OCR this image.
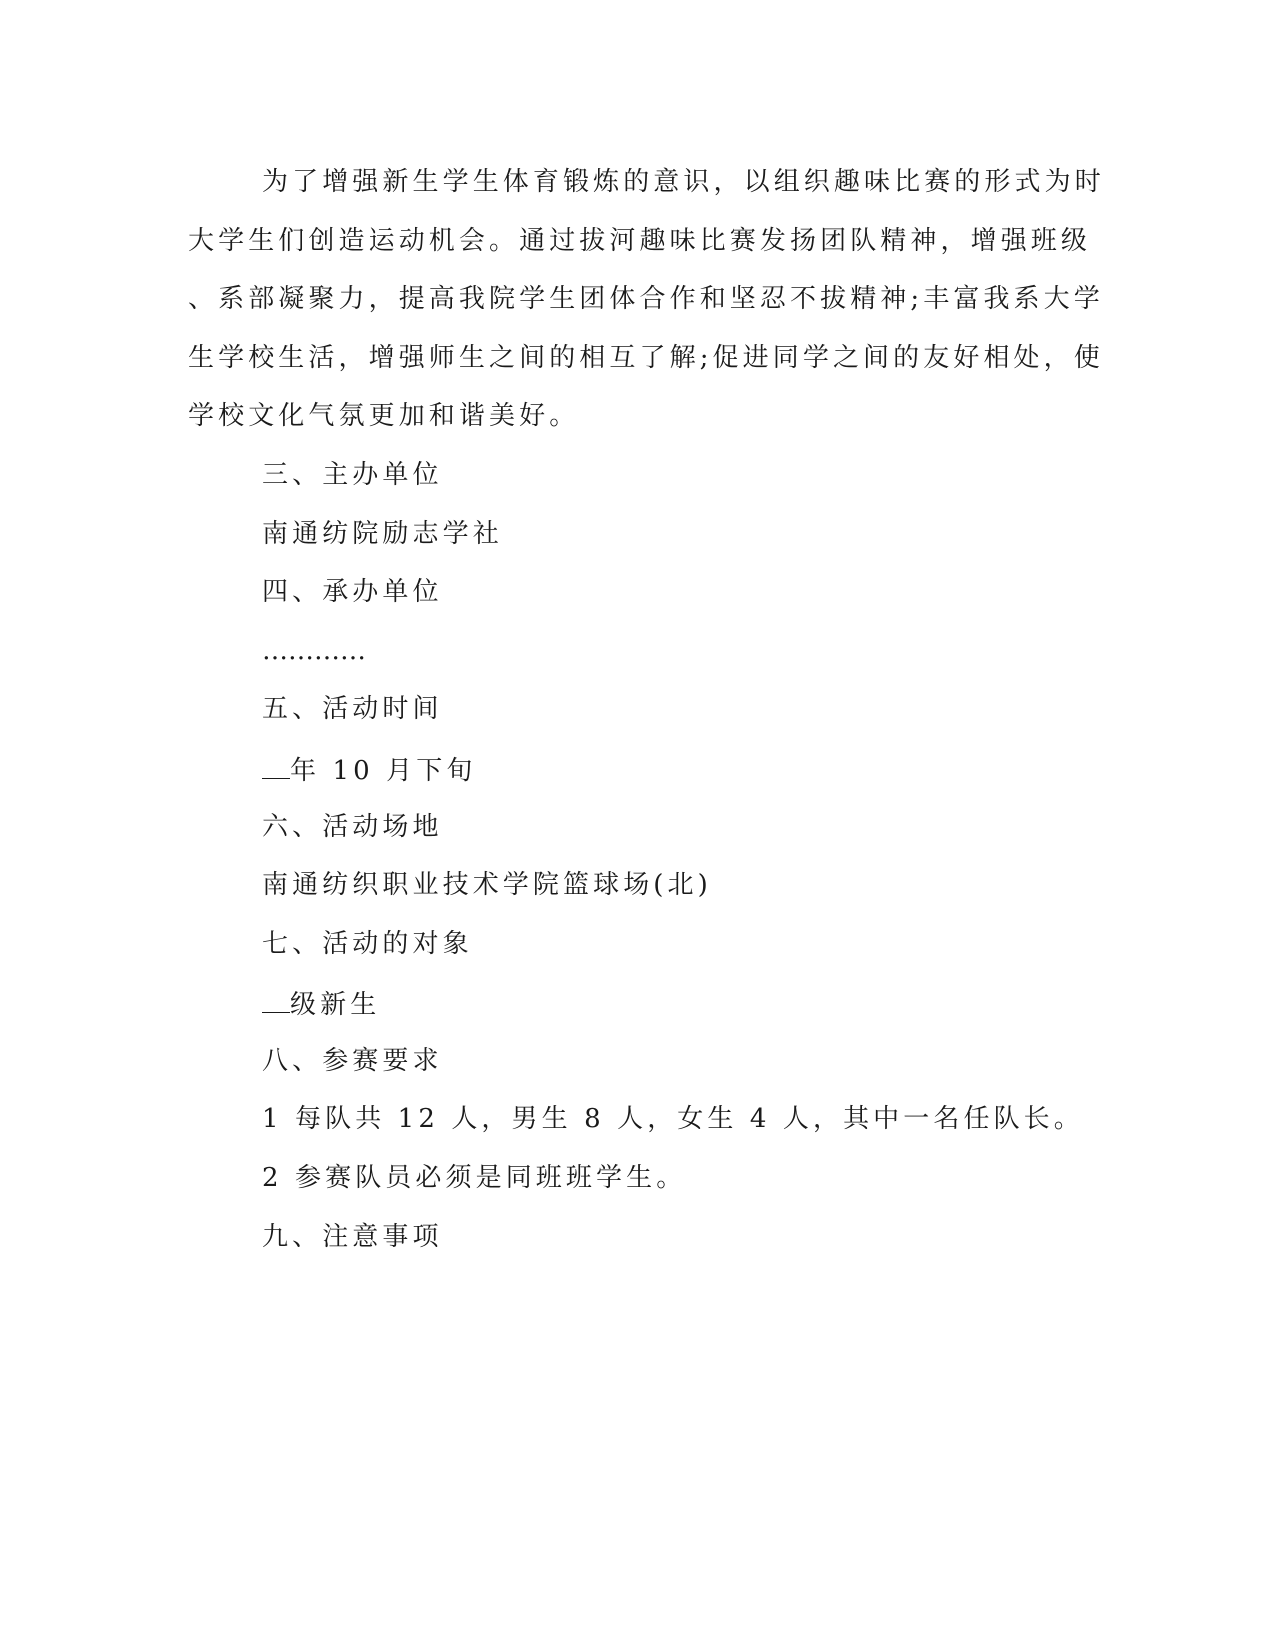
为了增强新生学生体育锻炼的意识，以组织趣味比赛的形式为时
大学生们创造运动机会。通过拔河趣味比赛发扬团队精神，增强班级
、系部凝聚力，提高我院学生团体合作和坚忍不拔精神;丰富我系大学
生学校生活，增强师生之间的相互了解;促进同学之间的友好相处，使
学校文化气氛更加和谐美好。
三、主办单位
南通纺院励志学社
四、承办单位
…………
五、活动时间
年 10 月下旬
六、活动场地
南通纺织职业技术学院篮球场(北)
七、活动的对象
级新生
八、参赛要求
1 每队共 12 人，男生 8 人，女生 4 人，其中一名任队长。
2 参赛队员必须是同班班学生。
九、注意事项
